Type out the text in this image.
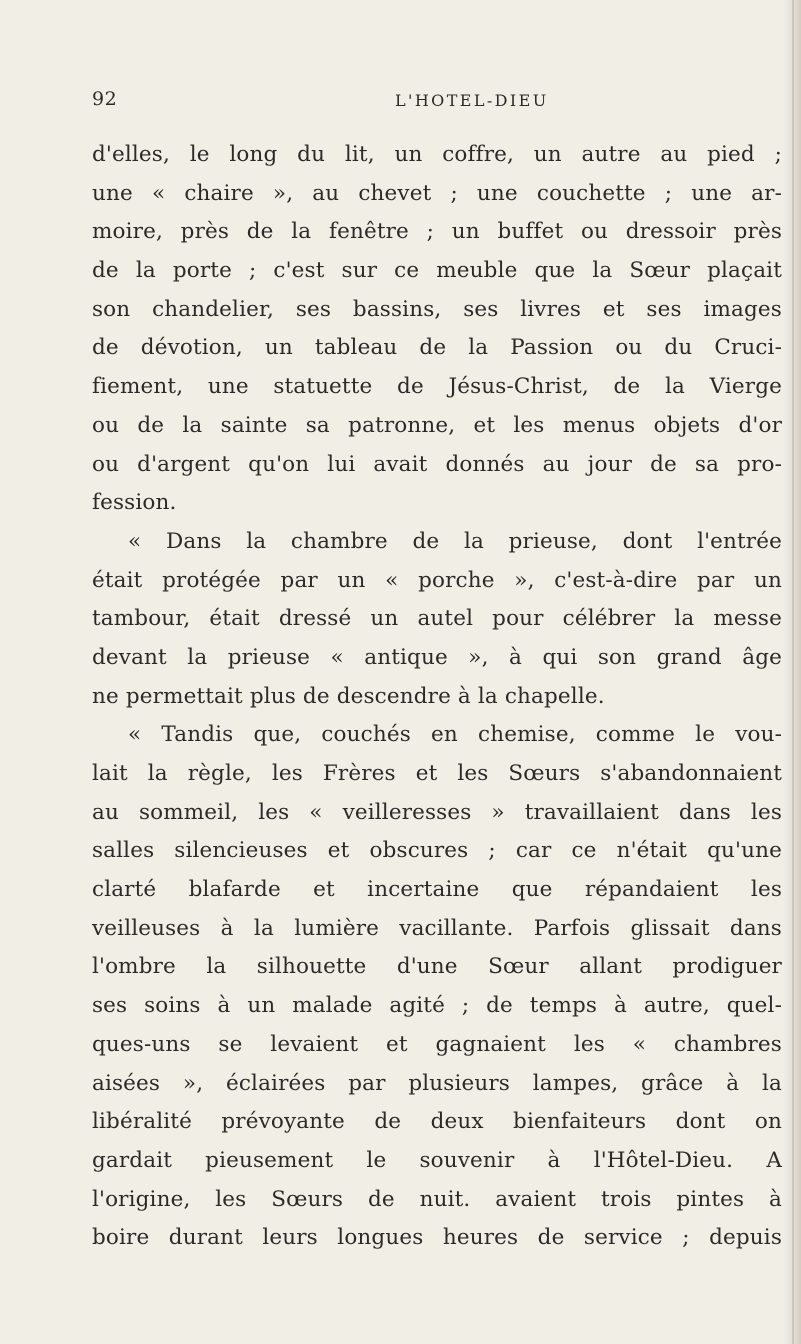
92	L'HOTEL-DIEU
d'elles, le long du lit, un coffre, un autre au pied ;
une « chaire », au chevet ; une couchette ; une ar-
moire, près de la fenêtre ; un buffet ou dressoir près
de la porte ; c'est sur ce meuble que la Sœur plaçait
son chandelier, ses bassins, ses livres et ses images
de dévotion, un tableau de la Passion ou du Cruci-
fiement, une statuette de Jésus-Christ, de la Vierge
ou de la sainte sa patronne, et les menus objets d'or
ou d'argent qu'on lui avait donnés au jour de sa pro-
fession.
« Dans la chambre de la prieuse, dont l'entrée
était protégée par un « porche », c'est-à-dire par un
tambour, était dressé un autel pour célébrer la messe
devant la prieuse « antique », à qui son grand âge
ne permettait plus de descendre à la chapelle.
« Tandis que, couchés en chemise, comme le vou-
lait la règle, les Frères et les Sœurs s'abandonnaient
au sommeil, les « veilleresses » travaillaient dans les
salles silencieuses et obscures ; car ce n'était qu'une
clarté blafarde et incertaine que répandaient les
veilleuses à la lumière vacillante. Parfois glissait dans
l'ombre la silhouette d'une Sœur allant prodiguer
ses soins à un malade agité ; de temps à autre, quel-
ques-uns se levaient et gagnaient les « chambres
aisées », éclairées par plusieurs lampes, grâce à la
libéralité prévoyante de deux bienfaiteurs dont on
gardait pieusement le souvenir à l'Hôtel-Dieu. A
l'origine, les Sœurs de nuit. avaient trois pintes à
boire durant leurs longues heures de service ; depuis
